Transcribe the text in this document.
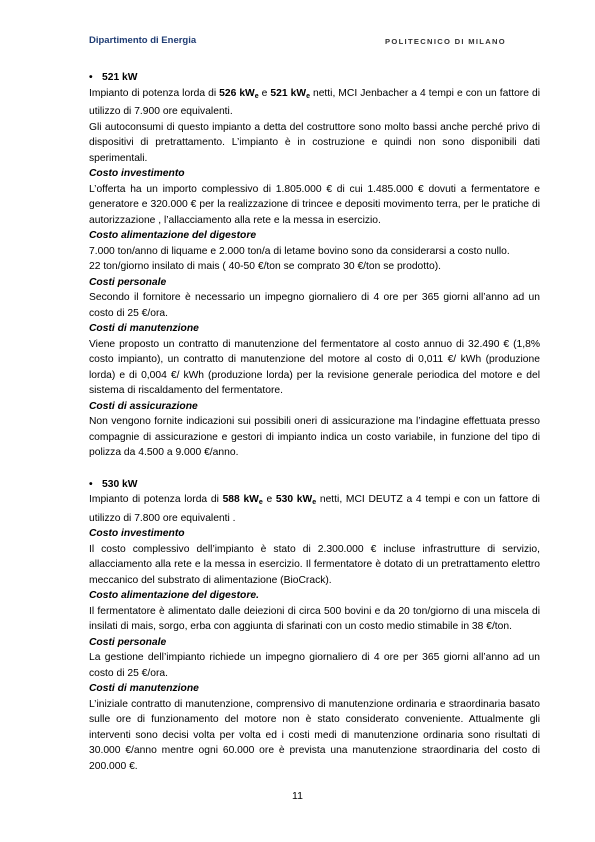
Dipartimento di Energia	POLITECNICO DI MILANO
• 521 kW

Impianto di potenza lorda di 526 $kW_e$ e 521 $kW_e$ netti, MCI Jenbacher a 4 tempi e con un fattore di utilizzo di 7.900 ore equivalenti.

Gli autoconsumi di questo impianto a detta del costruttore sono molto bassi anche perché privo di dispositivi di pretrattamento. L’impianto è in costruzione e quindi non sono disponibili dati sperimentali.

Costo investimento

L’offerta ha un importo complessivo di 1.805.000 € di cui 1.485.000 € dovuti a fermentatore e generatore e 320.000 € per la realizzazione di trincee e depositi movimento terra, per le pratiche di autorizzazione , l’allacciamento alla rete e la messa in esercizio.

Costo alimentazione del digestore

7.000 ton/anno di liquame e 2.000 ton/a di letame bovino sono da considerarsi a costo nullo.

22 ton/giorno insilato di mais ( 40-50 €/ton se comprato 30 €/ton se prodotto).

Costi personale

Secondo il fornitore è necessario un impegno giornaliero di 4 ore per 365 giorni all’anno ad un costo di 25 €/ora.

Costi di manutenzione

Viene proposto un contratto di manutenzione del fermentatore al costo annuo di 32.490 € (1,8% costo impianto), un contratto di manutenzione del motore al costo di 0,011 €/ kWh (produzione lorda) e di 0,004 €/ kWh (produzione lorda) per la revisione generale periodica del motore e del sistema di riscaldamento del fermentatore.

Costi di assicurazione

Non vengono fornite indicazioni sui possibili oneri di assicurazione ma l’indagine effettuata presso compagnie di assicurazione e gestori di impianto indica un costo variabile, in funzione del tipo di polizza da 4.500 a 9.000 €/anno.

• 530 kW

Impianto di potenza lorda di 588 $kW_e$ e 530 $kW_e$ netti, MCI DEUTZ a 4 tempi e con un fattore di utilizzo di 7.800 ore equivalenti .

Costo investimento

Il costo complessivo dell’impianto è stato di 2.300.000 € incluse infrastrutture di servizio, allacciamento alla rete e la messa in esercizio. Il fermentatore è dotato di un pretrattamento elettro meccanico del substrato di alimentazione (BioCrack).

Costo alimentazione del digestore.

Il fermentatore è alimentato dalle deiezioni di circa 500 bovini e da 20 ton/giorno di una miscela di insilati di mais, sorgo, erba con aggiunta di sfarinati con un costo medio stimabile in 38 €/ton.

Costi personale

La gestione dell’impianto richiede un impegno giornaliero di 4 ore per 365 giorni all’anno ad un costo di 25 €/ora.

Costi di manutenzione

L’iniziale contratto di manutenzione, comprensivo di manutenzione ordinaria e straordinaria basato sulle ore di funzionamento del motore non è stato considerato conveniente. Attualmente gli interventi sono decisi volta per volta ed i costi medi di manutenzione ordinaria sono risultati di 30.000 €/anno mentre ogni 60.000 ore è prevista una manutenzione straordinaria del costo di 200.000 €.

11
